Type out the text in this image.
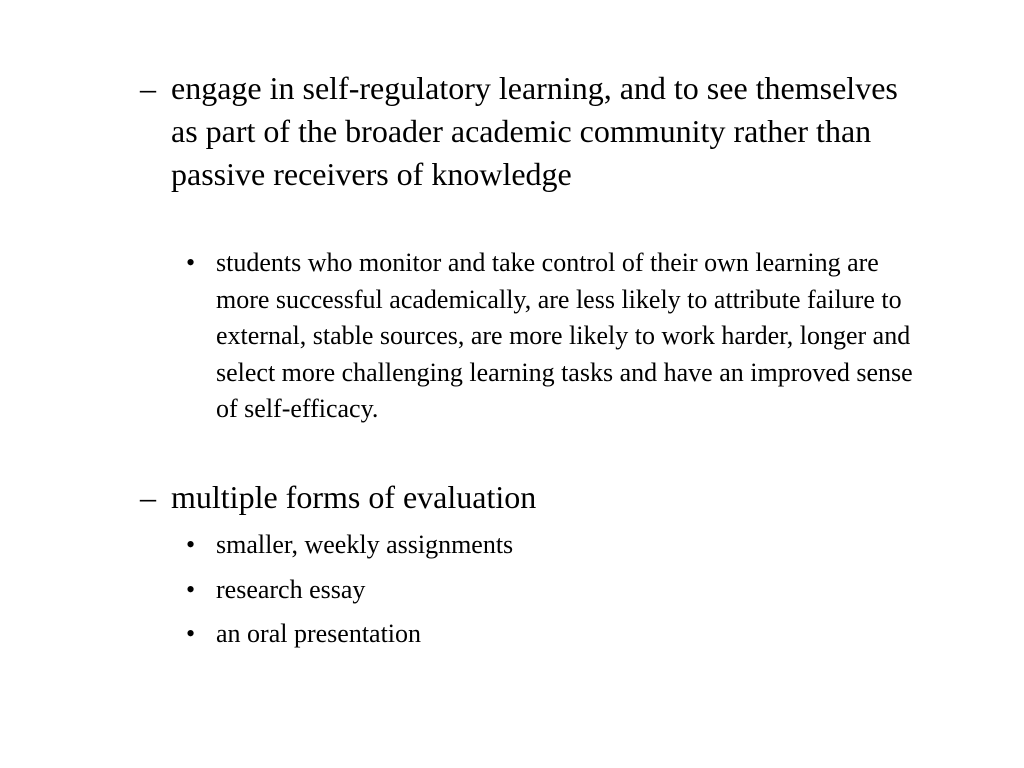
– engage in self-regulatory learning, and to see themselves as part of the broader academic community rather than passive receivers of knowledge
• students who monitor and take control of their own learning are more successful academically, are less likely to attribute failure to external, stable sources, are more likely to work harder, longer and select more challenging learning tasks and have an improved sense of self-efficacy.
– multiple forms of evaluation
• smaller, weekly assignments
• research essay
• an oral presentation
